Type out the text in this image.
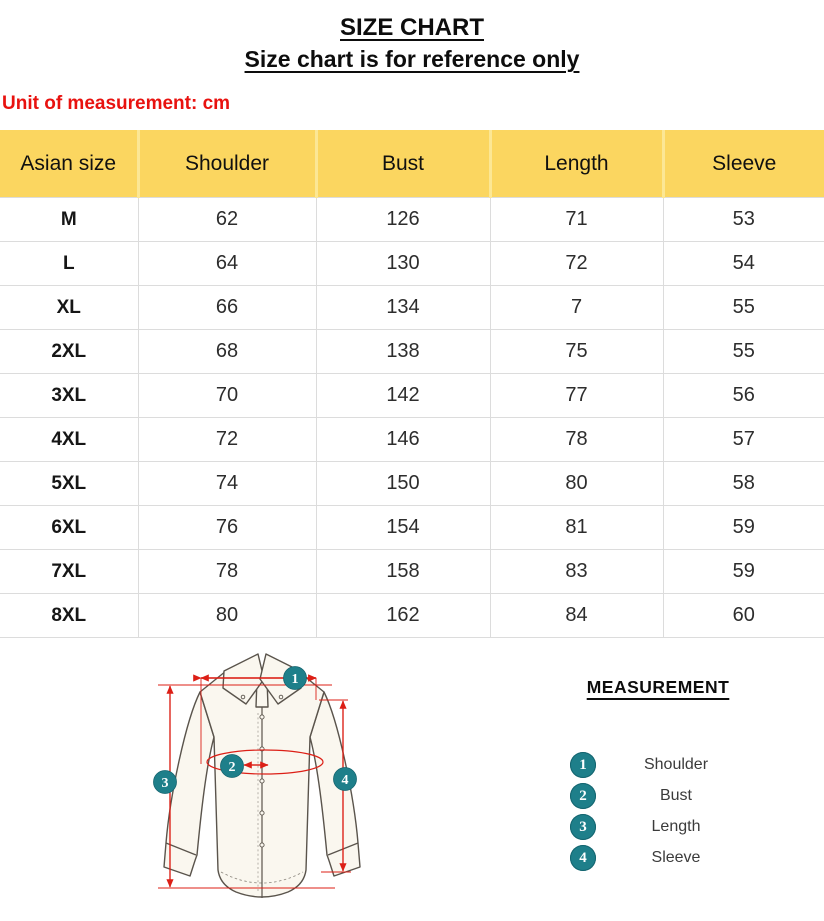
SIZE CHART
Size chart is for reference only
Unit of measurement: cm
Asian size	Shoulder	Bust	Length	Sleeve
M	62	126	71	53
L	64	130	72	54
XL	66	134	7	55
2XL	68	138	75	55
3XL	70	142	77	56
4XL	72	146	78	57
5XL	74	150	80	58
6XL	76	154	81	59
7XL	78	158	83	59
8XL	80	162	84	60
1
2
3	4
MEASUREMENT
1	Shoulder
2	Bust
3	Length
4	Sleeve
